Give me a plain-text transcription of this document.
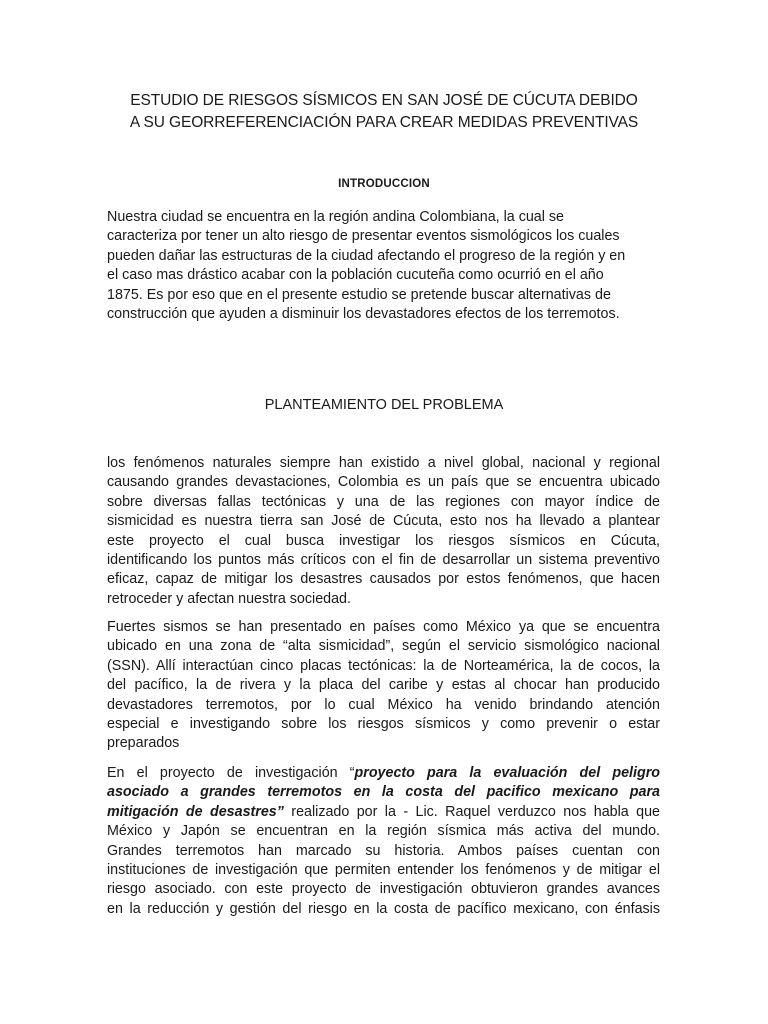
ESTUDIO DE RIESGOS SÍSMICOS EN SAN JOSÉ DE CÚCUTA DEBIDO
A SU GEORREFERENCIACIÓN PARA CREAR MEDIDAS PREVENTIVAS
INTRODUCCION
Nuestra ciudad se encuentra en la región andina Colombiana, la cual se
caracteriza por tener un alto riesgo de presentar eventos sismológicos los cuales
pueden dañar las estructuras de la ciudad afectando el progreso de la región y en
el caso mas drástico acabar con la población cucuteña como ocurrió en el año
1875. Es por eso que en el presente estudio se pretende buscar alternativas de
construcción que ayuden a disminuir los devastadores efectos de los terremotos.
PLANTEAMIENTO DEL PROBLEMA
los fenómenos naturales siempre han existido a nivel global, nacional y regional
causando grandes devastaciones, Colombia es un país que se encuentra ubicado
sobre diversas fallas tectónicas y una de las regiones con mayor índice de
sismicidad es nuestra tierra san José de Cúcuta, esto nos ha llevado a plantear
este proyecto el cual busca investigar los riesgos sísmicos en Cúcuta,
identificando los puntos más críticos con el fin de desarrollar un sistema preventivo
eficaz, capaz de mitigar los desastres causados por estos fenómenos, que hacen
retroceder y afectan nuestra sociedad.
Fuertes sismos se han presentado en países como México ya que se encuentra
ubicado en una zona de “alta sismicidad”, según el servicio sismológico nacional
(SSN). Allí interactúan cinco placas tectónicas: la de Norteamérica, la de cocos, la
del pacífico, la de rivera y la placa del caribe y estas al chocar han producido
devastadores terremotos, por lo cual México ha venido brindando atención
especial e investigando sobre los riesgos sísmicos y como prevenir o estar
preparados
En el proyecto de investigación “proyecto para la evaluación del peligro
asociado a grandes terremotos en la costa del pacifico mexicano para
mitigación de desastres” realizado por la - Lic. Raquel verduzco nos habla que
México y Japón se encuentran en la región sísmica más activa del mundo.
Grandes terremotos han marcado su historia. Ambos países cuentan con
instituciones de investigación que permiten entender los fenómenos y de mitigar el
riesgo asociado. con este proyecto de investigación obtuvieron grandes avances
en la reducción y gestión del riesgo en la costa de pacífico mexicano, con énfasis
